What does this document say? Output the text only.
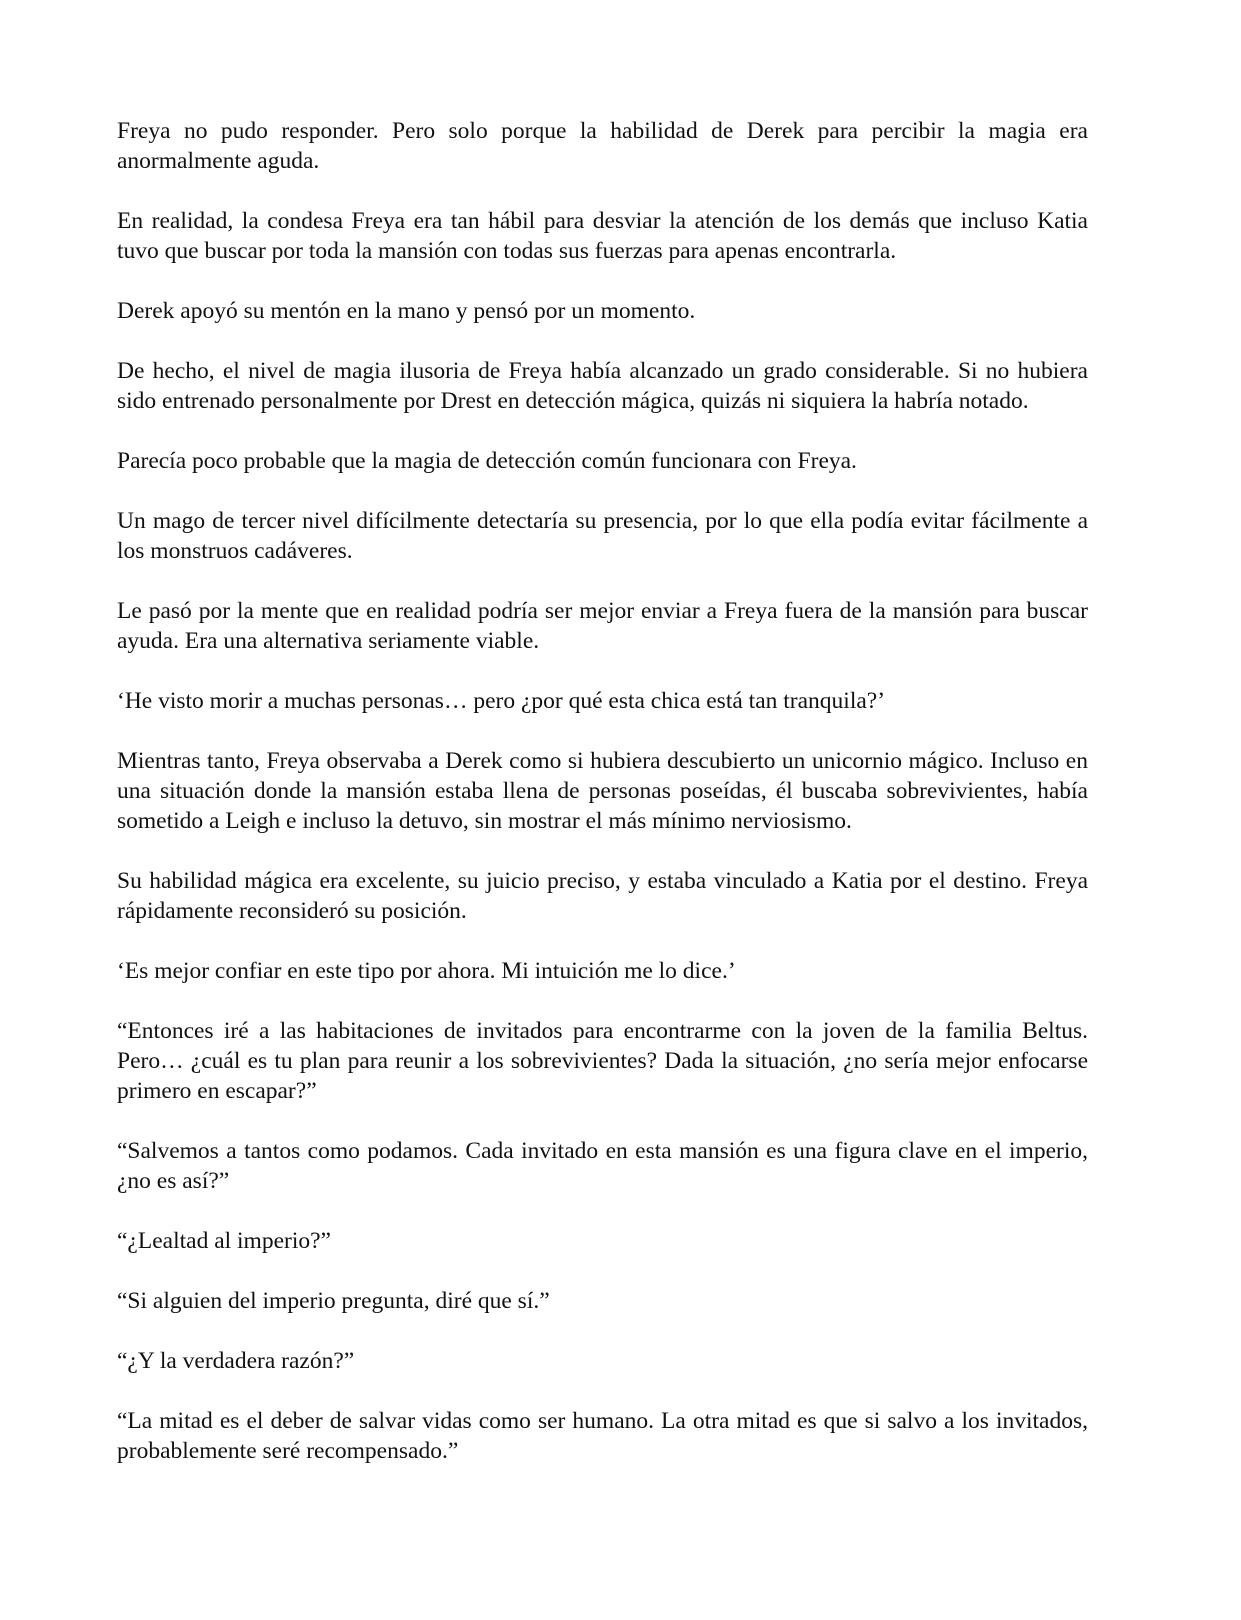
Freya no pudo responder. Pero solo porque la habilidad de Derek para percibir la magia era anormalmente aguda.

En realidad, la condesa Freya era tan hábil para desviar la atención de los demás que incluso Katia tuvo que buscar por toda la mansión con todas sus fuerzas para apenas encontrarla.

Derek apoyó su mentón en la mano y pensó por un momento.

De hecho, el nivel de magia ilusoria de Freya había alcanzado un grado considerable. Si no hubiera sido entrenado personalmente por Drest en detección mágica, quizás ni siquiera la habría notado.

Parecía poco probable que la magia de detección común funcionara con Freya.

Un mago de tercer nivel difícilmente detectaría su presencia, por lo que ella podía evitar fácilmente a los monstruos cadáveres.

Le pasó por la mente que en realidad podría ser mejor enviar a Freya fuera de la mansión para buscar ayuda. Era una alternativa seriamente viable.

‘He visto morir a muchas personas… pero ¿por qué esta chica está tan tranquila?’

Mientras tanto, Freya observaba a Derek como si hubiera descubierto un unicornio mágico. Incluso en una situación donde la mansión estaba llena de personas poseídas, él buscaba sobrevivientes, había sometido a Leigh e incluso la detuvo, sin mostrar el más mínimo nerviosismo.

Su habilidad mágica era excelente, su juicio preciso, y estaba vinculado a Katia por el destino. Freya rápidamente reconsideró su posición.

‘Es mejor confiar en este tipo por ahora. Mi intuición me lo dice.’

“Entonces iré a las habitaciones de invitados para encontrarme con la joven de la familia Beltus. Pero… ¿cuál es tu plan para reunir a los sobrevivientes? Dada la situación, ¿no sería mejor enfocarse primero en escapar?”

“Salvemos a tantos como podamos. Cada invitado en esta mansión es una figura clave en el imperio, ¿no es así?”

“¿Lealtad al imperio?”

“Si alguien del imperio pregunta, diré que sí.”

“¿Y la verdadera razón?”

“La mitad es el deber de salvar vidas como ser humano. La otra mitad es que si salvo a los invitados, probablemente seré recompensado.”
